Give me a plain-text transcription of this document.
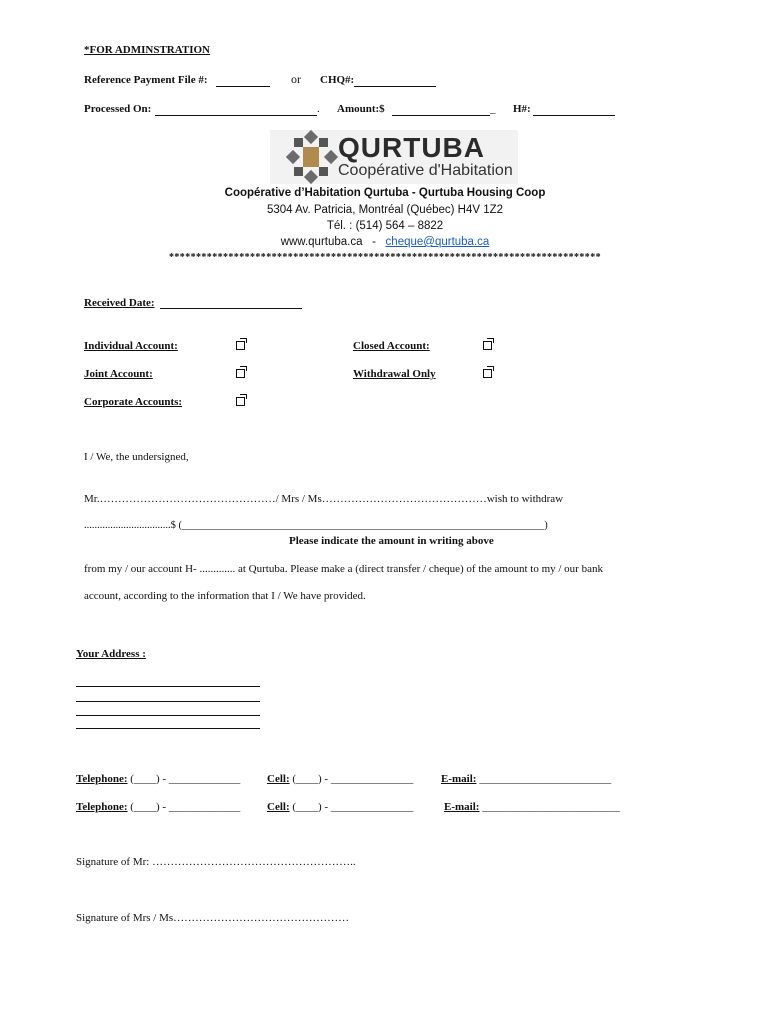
*FOR ADMINSTRATION
Reference Payment File #:	or CHQ#:
Processed On:	. Amount:$	_ H#:
QURTUBA
Coopérative d'Habitation
Coopérative d’Habitation Qurtuba - Qurtuba Housing Coop
5304 Av. Patricia, Montréal (Québec) H4V 1Z2
Tél. : (514) 564 – 8822
www.qurtuba.ca - cheque@qurtuba.ca
********************************************************************************
Received Date:
Individual Account:	Closed Account:
Joint Account:	Withdrawal Only
Corporate Accounts:
I / We, the undersigned,
Mr.…………………………………………/ Mrs / Ms………………………………………wish to withdraw
.................................$ (_____________________________________________________________________)
Please indicate the amount in writing above
from my / our account H- ............. at Qurtuba. Please make a (direct transfer / cheque) of the amount to my / our bank
account, according to the information that I / We have provided.
Your Address :
Telephone: (____) - _____________ Cell: (____) - _______________	E-mail: ________________________
Telephone: (____) - _____________ Cell: (____) - _______________	E-mail: _________________________
Signature of Mr: ………………………………………………..
Signature of Mrs / Ms…………………………………………
